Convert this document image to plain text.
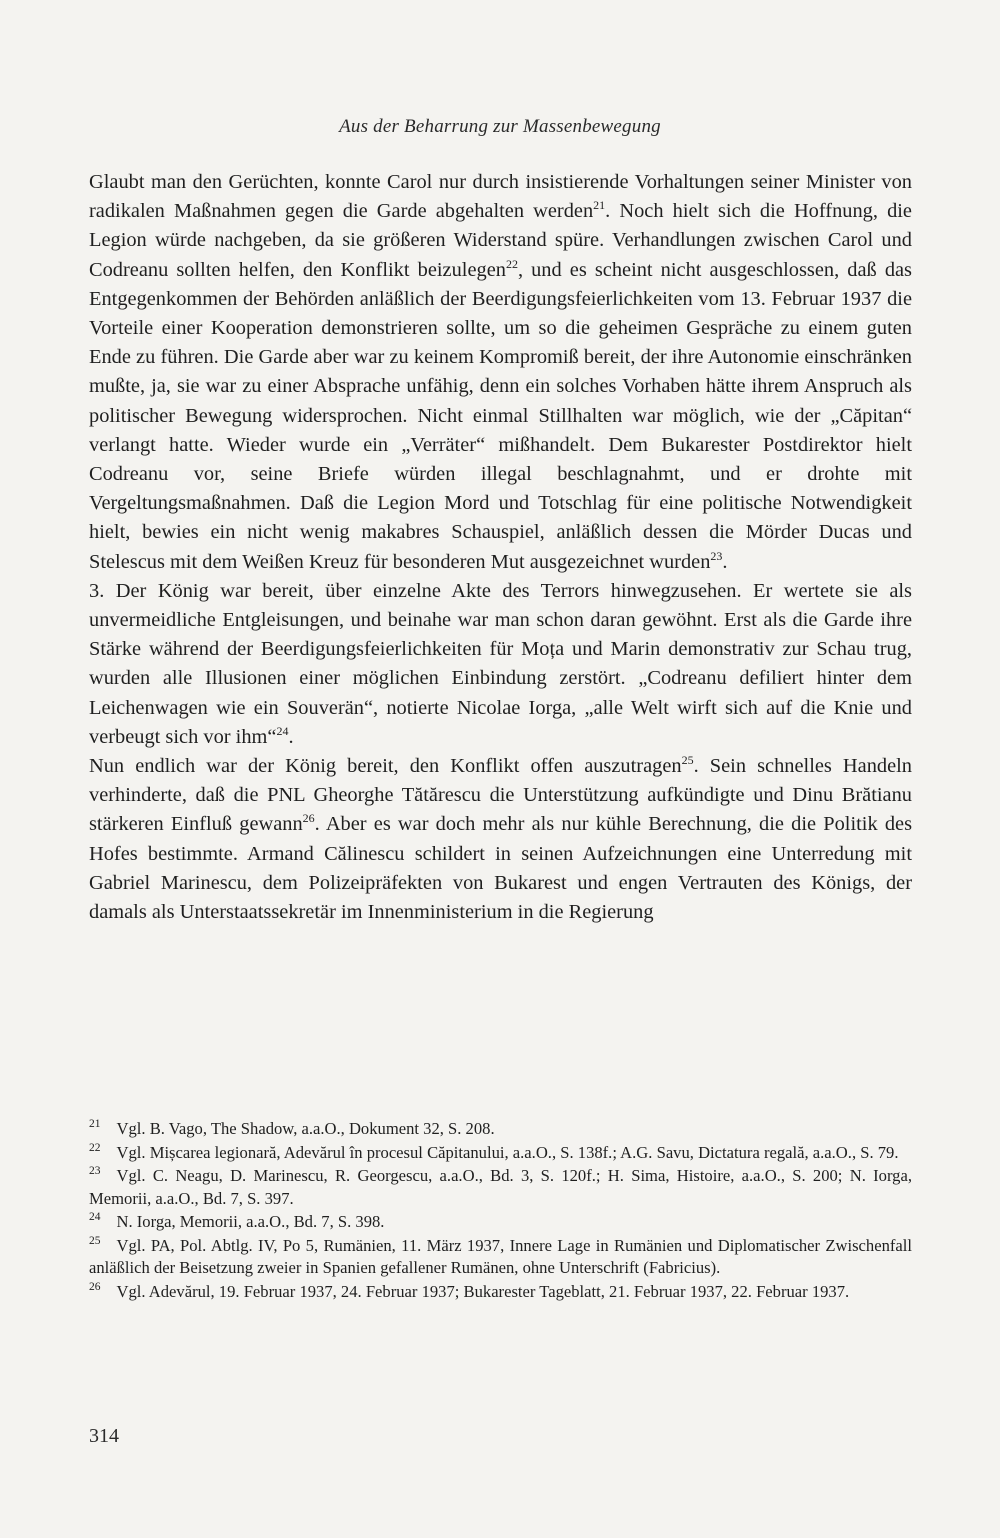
Aus der Beharrung zur Massenbewegung

Glaubt man den Gerüchten, konnte Carol nur durch insistierende Vorhaltungen seiner Minister von radikalen Maßnahmen gegen die Garde abgehalten werden$^{21}$. Noch hielt sich die Hoffnung, die Legion würde nachgeben, da sie größeren Widerstand spüre. Verhandlungen zwischen Carol und Codreanu sollten helfen, den Konflikt beizulegen$^{22}$, und es scheint nicht ausgeschlossen, daß das Entgegenkommen der Behörden anläßlich der Beerdigungsfeierlichkeiten vom 13. Februar 1937 die Vorteile einer Kooperation demonstrieren sollte, um so die geheimen Gespräche zu einem guten Ende zu führen. Die Garde aber war zu keinem Kompromiß bereit, der ihre Autonomie einschränken mußte, ja, sie war zu einer Absprache unfähig, denn ein solches Vorhaben hätte ihrem Anspruch als politischer Bewegung widersprochen. Nicht einmal Stillhalten war möglich, wie der „Căpitan“ verlangt hatte. Wieder wurde ein „Verräter“ mißhandelt. Dem Bukarester Postdirektor hielt Codreanu vor, seine Briefe würden illegal beschlagnahmt, und er drohte mit Vergeltungsmaßnahmen. Daß die Legion Mord und Totschlag für eine politische Notwendigkeit hielt, bewies ein nicht wenig makabres Schauspiel, anläßlich dessen die Mörder Ducas und Stelescus mit dem Weißen Kreuz für besonderen Mut ausgezeichnet wurden$^{23}$.

3. Der König war bereit, über einzelne Akte des Terrors hinwegzusehen. Er wertete sie als unvermeidliche Entgleisungen, und beinahe war man schon daran gewöhnt. Erst als die Garde ihre Stärke während der Beerdigungsfeierlichkeiten für Moța und Marin demonstrativ zur Schau trug, wurden alle Illusionen einer möglichen Einbindung zerstört. „Codreanu defiliert hinter dem Leichenwagen wie ein Souverän“, notierte Nicolae Iorga, „alle Welt wirft sich auf die Knie und verbeugt sich vor ihm“$^{24}$.

Nun endlich war der König bereit, den Konflikt offen auszutragen$^{25}$. Sein schnelles Handeln verhinderte, daß die PNL Gheorghe Tătărescu die Unterstützung aufkündigte und Dinu Brătianu stärkeren Einfluß gewann$^{26}$. Aber es war doch mehr als nur kühle Berechnung, die die Politik des Hofes bestimmte. Armand Călinescu schildert in seinen Aufzeichnungen eine Unterredung mit Gabriel Marinescu, dem Polizeipräfekten von Bukarest und engen Vertrauten des Königs, der damals als Unterstaatssekretär im Innenministerium in die Regierung

$^{21}$ Vgl. B. Vago, The Shadow, a.a.O., Dokument 32, S. 208.

$^{22}$ Vgl. Mișcarea legionară, Adevărul în procesul Căpitanului, a.a.O., S. 138f.; A.G. Savu, Dictatura regală, a.a.O., S. 79.

$^{23}$ Vgl. C. Neagu, D. Marinescu, R. Georgescu, a.a.O., Bd. 3, S. 120f.; H. Sima, Histoire, a.a.O., S. 200; N. Iorga, Memorii, a.a.O., Bd. 7, S. 397.

$^{24}$ N. Iorga, Memorii, a.a.O., Bd. 7, S. 398.

$^{25}$ Vgl. PA, Pol. Abtlg. IV, Po 5, Rumänien, 11. März 1937, Innere Lage in Rumänien und Diplomatischer Zwischenfall anläßlich der Beisetzung zweier in Spanien gefallener Rumänen, ohne Unterschrift (Fabricius).

$^{26}$ Vgl. Adevărul, 19. Februar 1937, 24. Februar 1937; Bukarester Tageblatt, 21. Februar 1937, 22. Februar 1937.

314
